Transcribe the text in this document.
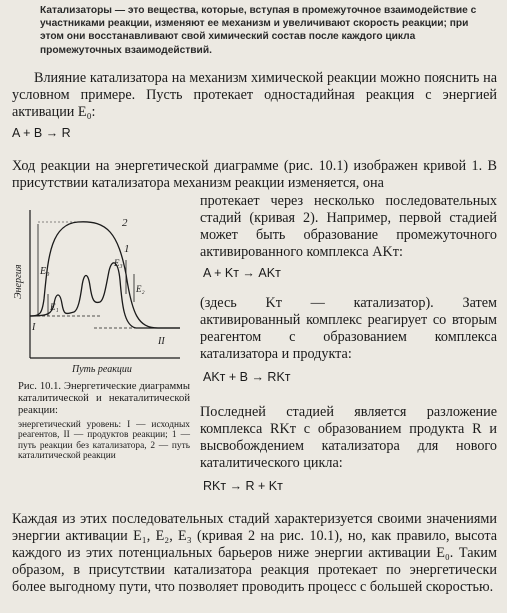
Катализаторы — это вещества, которые, вступая в промежуточное взаимодействие с участниками реакции, изменяют ее механизм и увеличивают скорость реакции; при этом они восстанавливают свой химический состав после каждого цикла промежуточных взаимодействий.

Влияние катализатора на механизм химической реакции можно пояснить на условном примере. Пусть протекает одностадийная реакция с энергией активации E₀:

A + B → R

Ход реакции на энергетической диаграмме (рис. 10.1) изображен кривой 1. В присутствии катализатора механизм реакции изменяется, она

протекает через несколько последовательных стадий (кривая 2). Например, первой стадией может быть образование промежуточного активированного комплекса AKт:

A + Kт → AKт

(здесь Kт — катализатор). Затем активированный комплекс реагирует со вторым реагентом с образованием комплекса катализатора и продукта:

AKт + B → RKт

Последней стадией является разложение комплекса RKт с образованием продукта R и высвобождением катализатора для нового каталитического цикла:

RKт → R + Kт
Энергия
Путь реакции
2
1
I
II
E₀
E₁
E₂
E₃
Рис. 10.1. Энергетические диаграммы каталитической и некаталитической реакции:
энергетический уровень: I — исходных реагентов, II — продуктов реакции; 1 — путь реакции без катализатора, 2 — путь каталитической реакции

Каждая из этих последовательных стадий характеризуется своими значениями энергии активации E₁, E₂, E₃ (кривая 2 на рис. 10.1), но, как правило, высота каждого из этих потенциальных барьеров ниже энергии активации E₀. Таким образом, в присутствии катализатора реакция протекает по энергетически более выгодному пути, что позволяет проводить процесс с большей скоростью.
